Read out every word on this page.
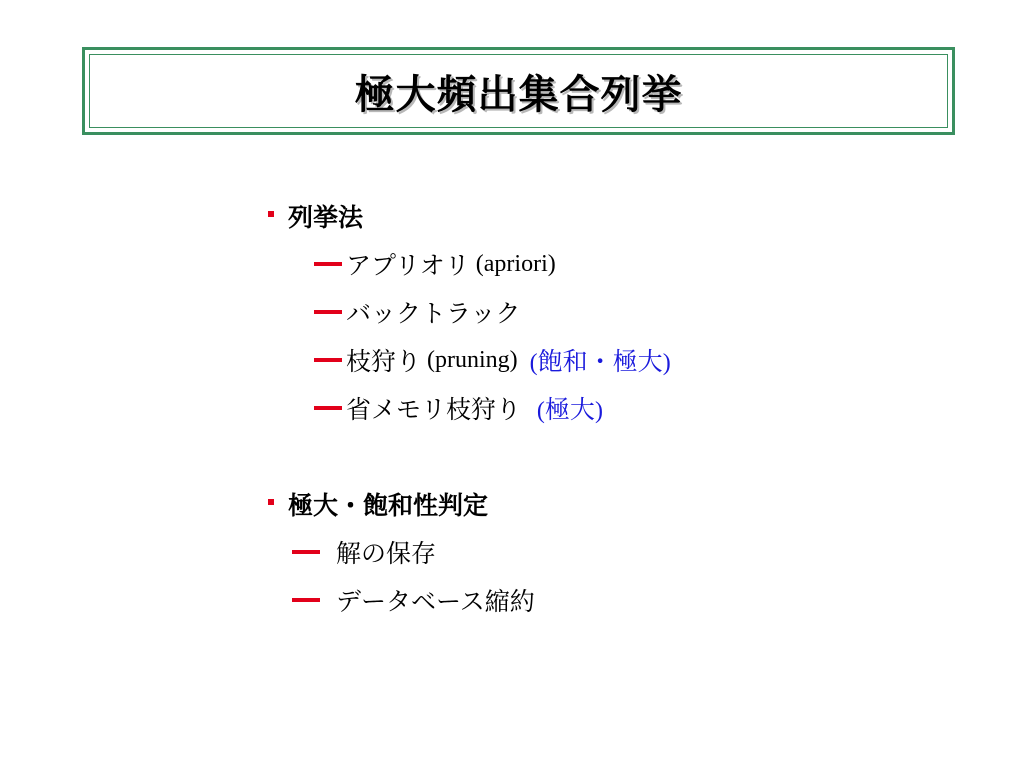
極大頻出集合列挙
列挙法
アプリオリ (apriori)
バックトラック
枝狩り (pruning) (飽和・極大)
省メモリ枝狩り
(極大)
極大・飽和性判定
解の保存
データベース縮約
